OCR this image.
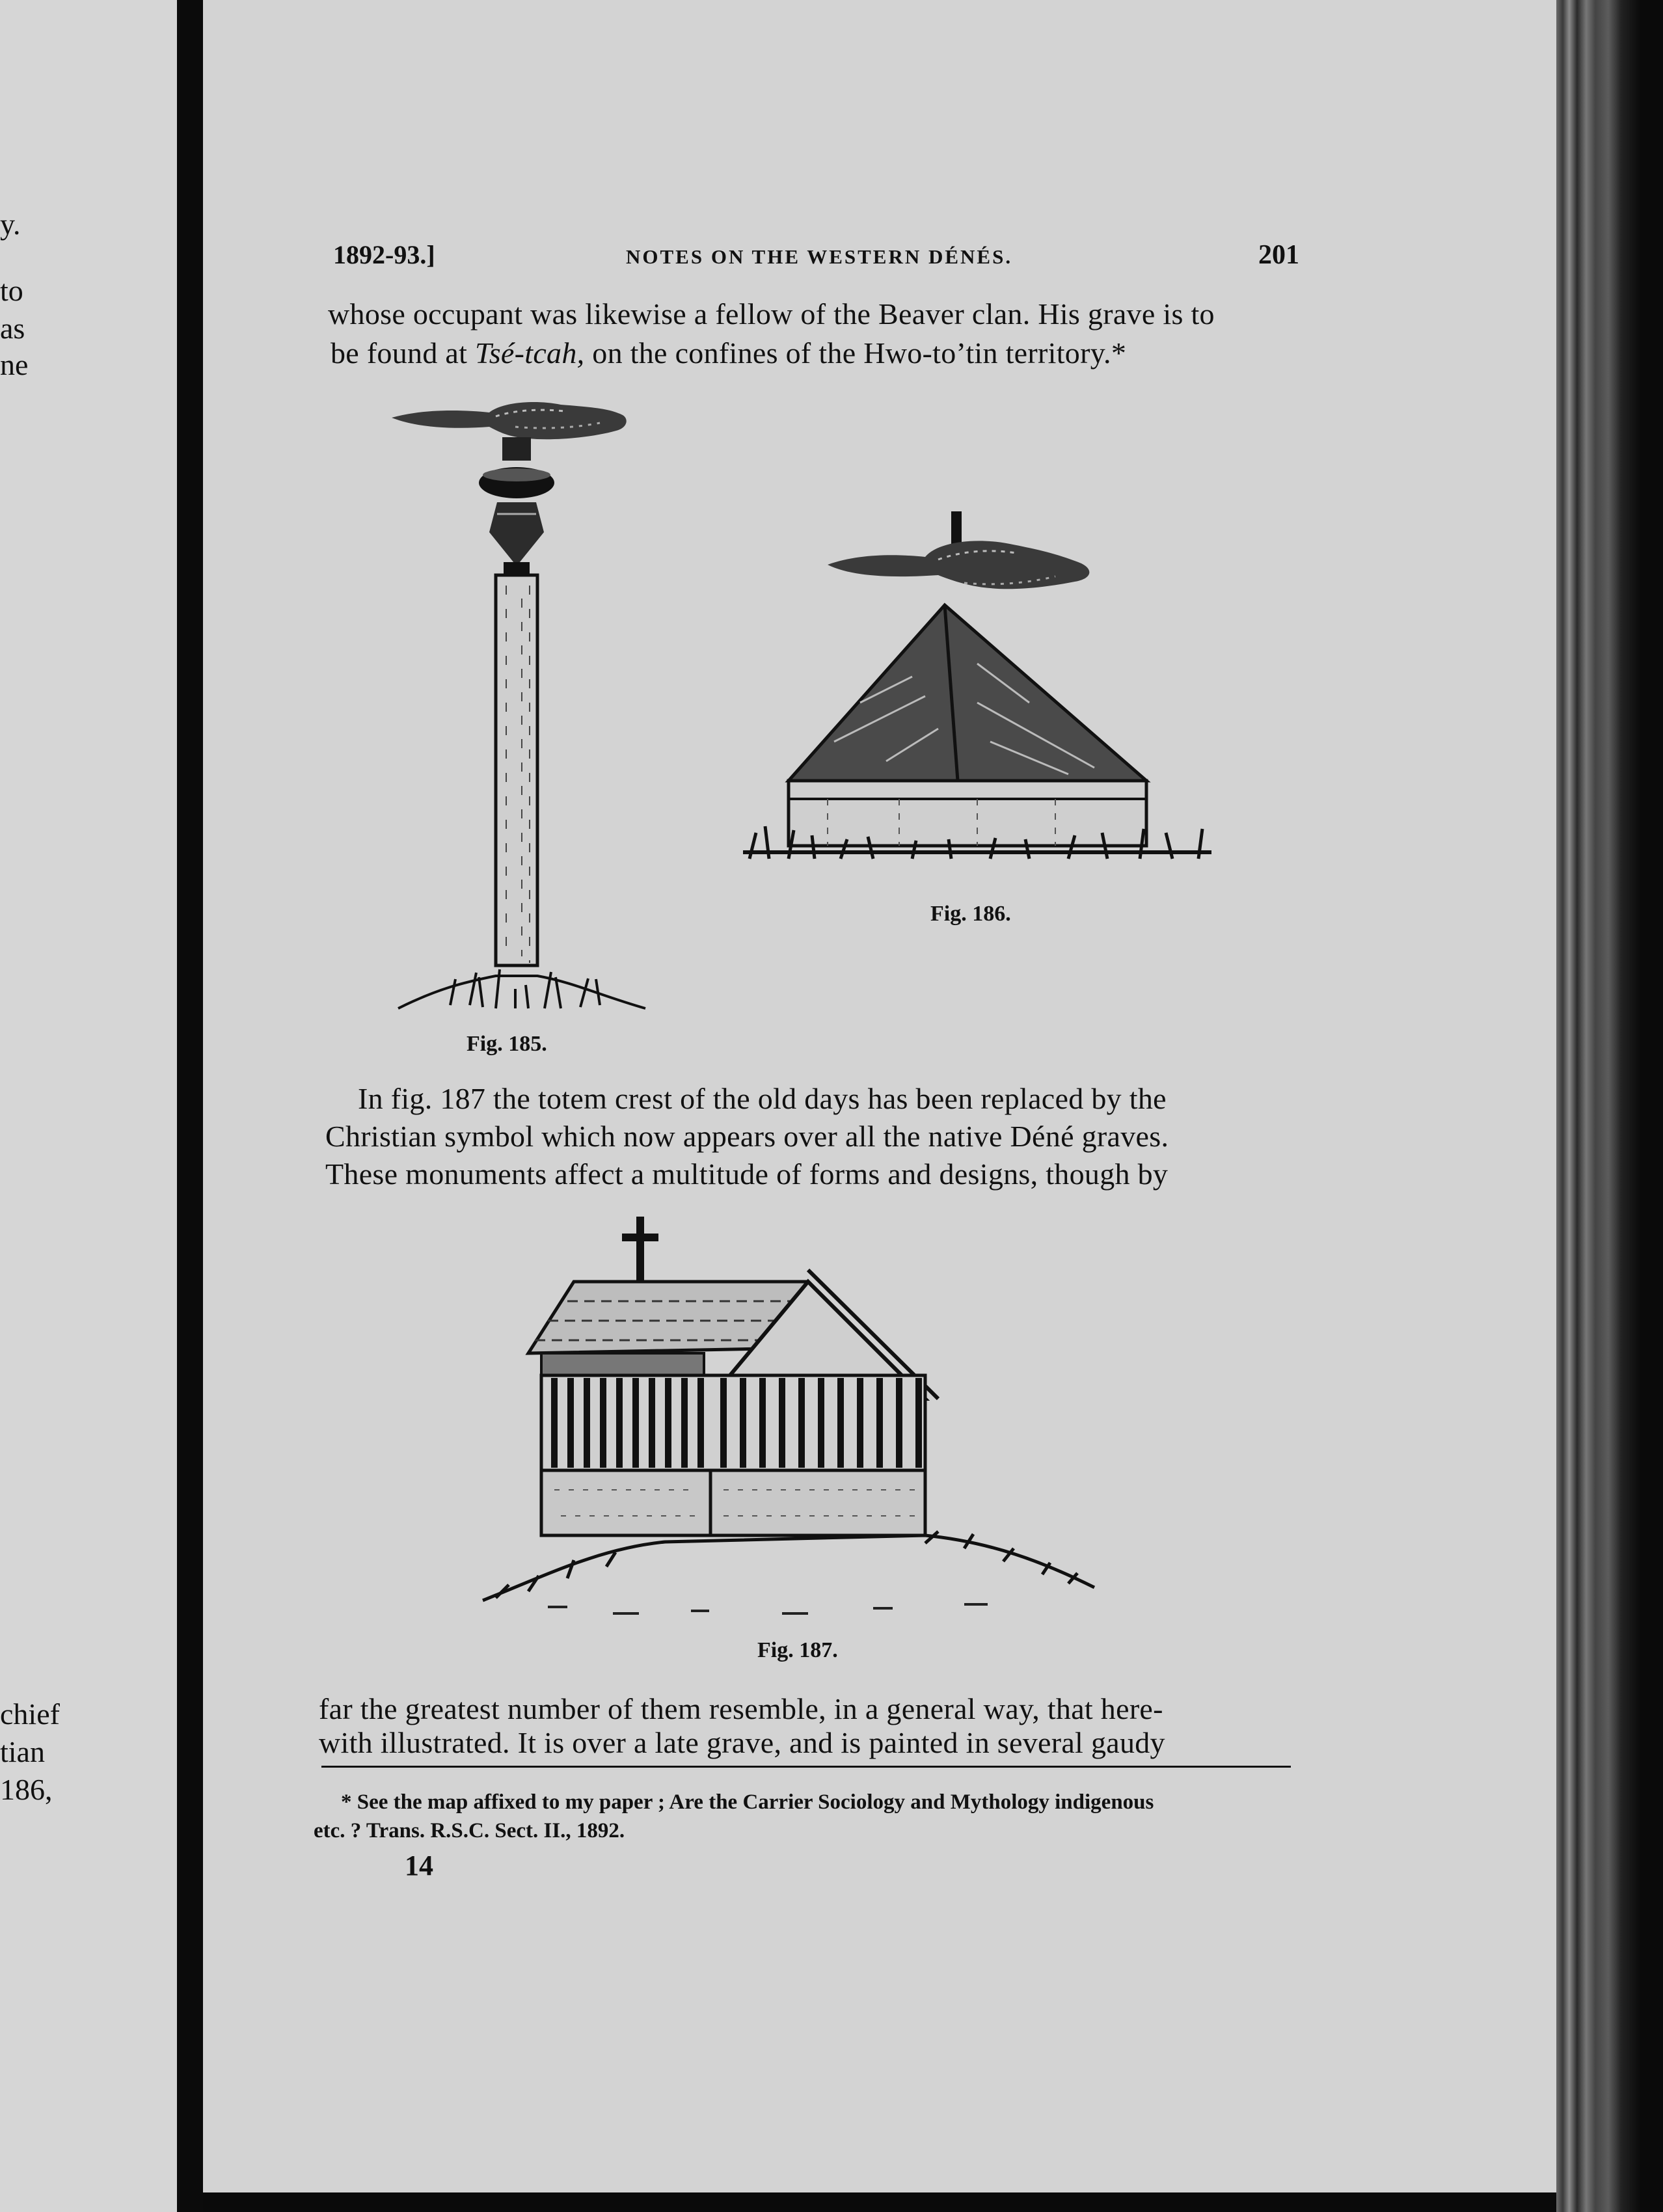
y.
to
as
ne
chief
tian
186,
1892-93.]	NOTES ON THE WESTERN DÉNÉS.	201
whose occupant was likewise a fellow of the Beaver clan. His grave is to
be found at Tsé-tcah, on the confines of the Hwo-to’tin territory.*
Fig. 185.
Fig. 186.
In fig. 187 the totem crest of the old days has been replaced by the
Christian symbol which now appears over all the native Déné graves.
These monuments affect a multitude of forms and designs, though by
Fig. 187.
far the greatest number of them resemble, in a general way, that here-
with illustrated. It is over a late grave, and is painted in several gaudy
* See the map affixed to my paper ; Are the Carrier Sociology and Mythology indigenous
etc. ? Trans. R.S.C. Sect. II., 1892.
14
